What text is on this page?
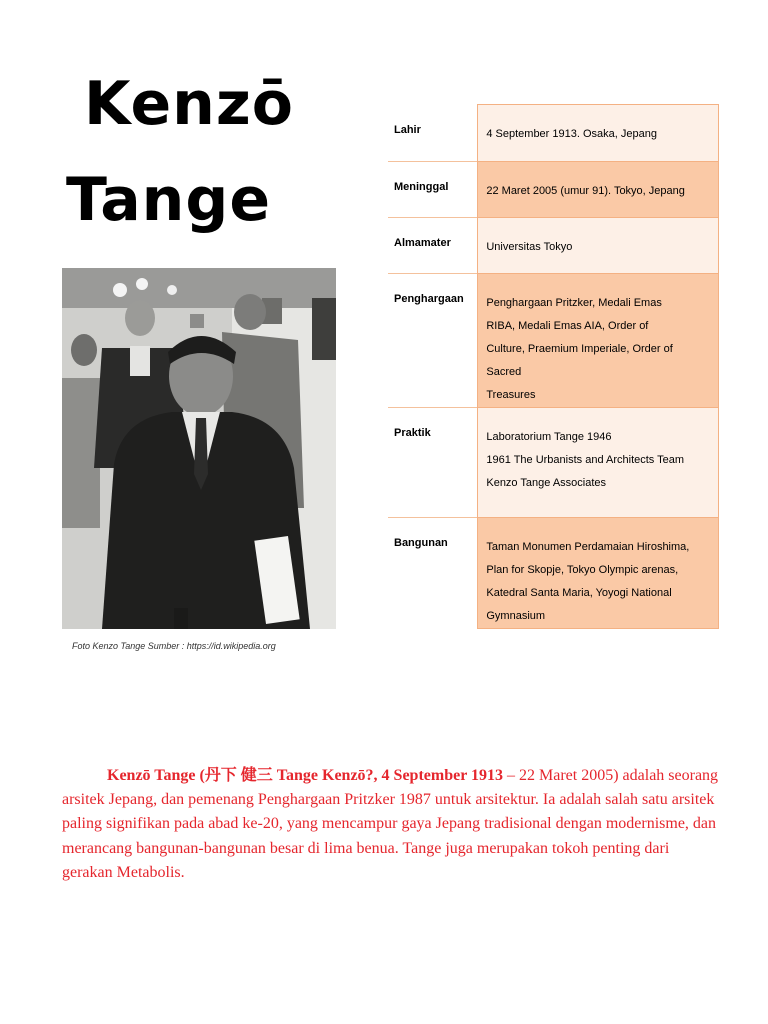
Kenzō
Tange
Foto Kenzo Tange Sumber : https://id.wikipedia.org
Lahir	4 September 1913. Osaka, Jepang

Meninggal	22 Maret 2005 (umur 91). Tokyo, Jepang

Almamater	Universitas Tokyo

Penghargaan	Penghargaan Pritzker, Medali Emas
RIBA, Medali Emas AIA, Order of
Culture, Praemium Imperiale, Order of Sacred
Treasures

Praktik	Laboratorium Tange 1946
1961 The Urbanists and Architects Team
Kenzo Tange Associates

Bangunan	Taman Monumen Perdamaian Hiroshima,
Plan for Skopje, Tokyo Olympic arenas,
Katedral Santa Maria, Yoyogi National
Gymnasium

Kenzō Tange (丹下 健三 Tange Kenzō?, 4 September 1913 – 22 Maret 2005) adalah seorang arsitek Jepang, dan pemenang Penghargaan Pritzker 1987 untuk arsitektur. Ia adalah salah satu arsitek paling signifikan pada abad ke-20, yang mencampur gaya Jepang tradisional dengan modernisme, dan merancang bangunan-bangunan besar di lima benua. Tange juga merupakan tokoh penting dari gerakan Metabolis.
